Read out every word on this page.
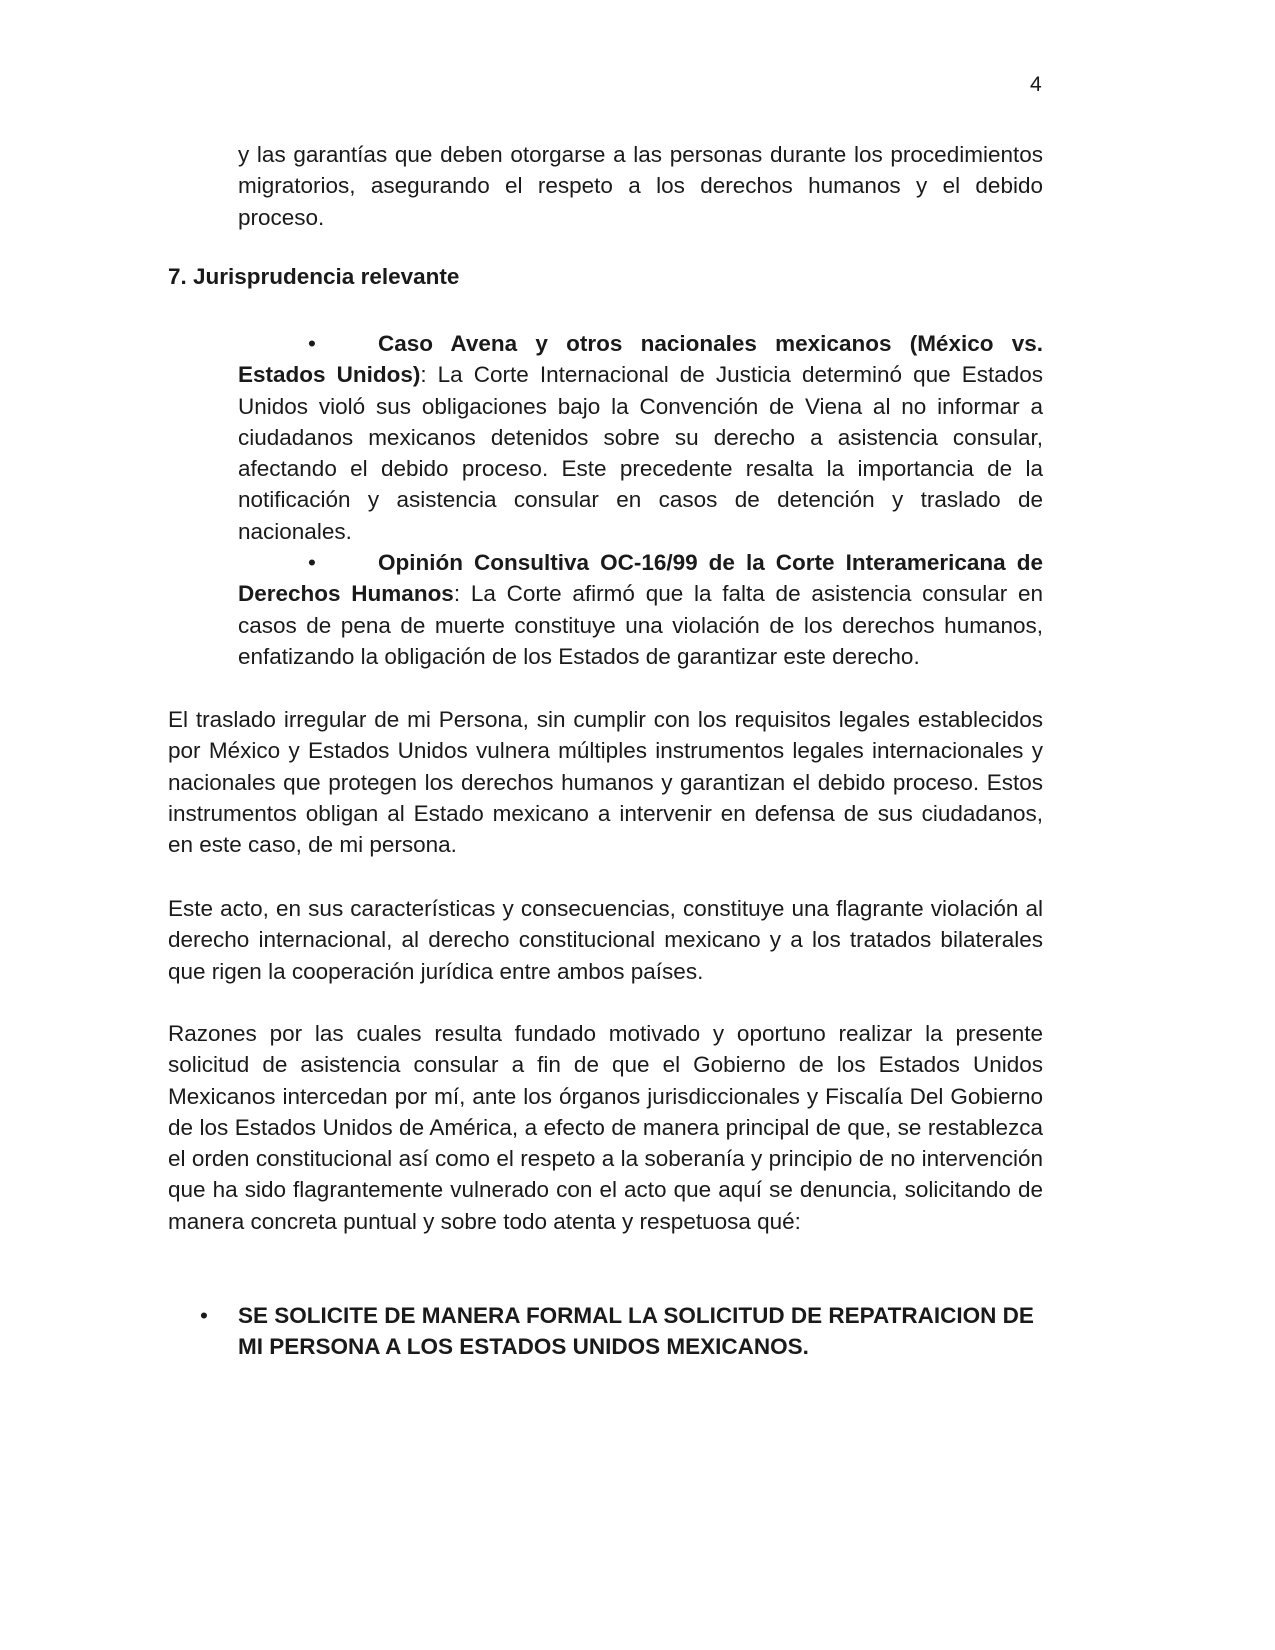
4
y las garantías que deben otorgarse a las personas durante los procedimientos migratorios, asegurando el respeto a los derechos humanos y el debido proceso.
7. Jurisprudencia relevante
•	Caso Avena y otros nacionales mexicanos (México vs. Estados Unidos): La Corte Internacional de Justicia determinó que Estados Unidos violó sus obligaciones bajo la Convención de Viena al no informar a ciudadanos mexicanos detenidos sobre su derecho a asistencia consular, afectando el debido proceso. Este precedente resalta la importancia de la notificación y asistencia consular en casos de detención y traslado de nacionales.
•	Opinión Consultiva OC-16/99 de la Corte Interamericana de Derechos Humanos: La Corte afirmó que la falta de asistencia consular en casos de pena de muerte constituye una violación de los derechos humanos, enfatizando la obligación de los Estados de garantizar este derecho.
El traslado irregular de mi Persona, sin cumplir con los requisitos legales establecidos por México y Estados Unidos vulnera múltiples instrumentos legales internacionales y nacionales que protegen los derechos humanos y garantizan el debido proceso. Estos instrumentos obligan al Estado mexicano a intervenir en defensa de sus ciudadanos, en este caso, de mi persona.
Este acto, en sus características y consecuencias, constituye una flagrante violación al derecho internacional, al derecho constitucional mexicano y a los tratados bilaterales que rigen la cooperación jurídica entre ambos países.
Razones por las cuales resulta fundado motivado y oportuno realizar la presente solicitud de asistencia consular a fin de que el Gobierno de los Estados Unidos Mexicanos intercedan por mí, ante los órganos jurisdiccionales y Fiscalía Del Gobierno de los Estados Unidos de América, a efecto de manera principal de que, se restablezca el orden constitucional así como el respeto a la soberanía y principio de no intervención que ha sido flagrantemente vulnerado con el acto que aquí se denuncia, solicitando de manera concreta puntual y sobre todo atenta y respetuosa qué:
• SE SOLICITE DE MANERA FORMAL LA SOLICITUD DE REPATRAICION DE MI PERSONA A LOS ESTADOS UNIDOS MEXICANOS.
